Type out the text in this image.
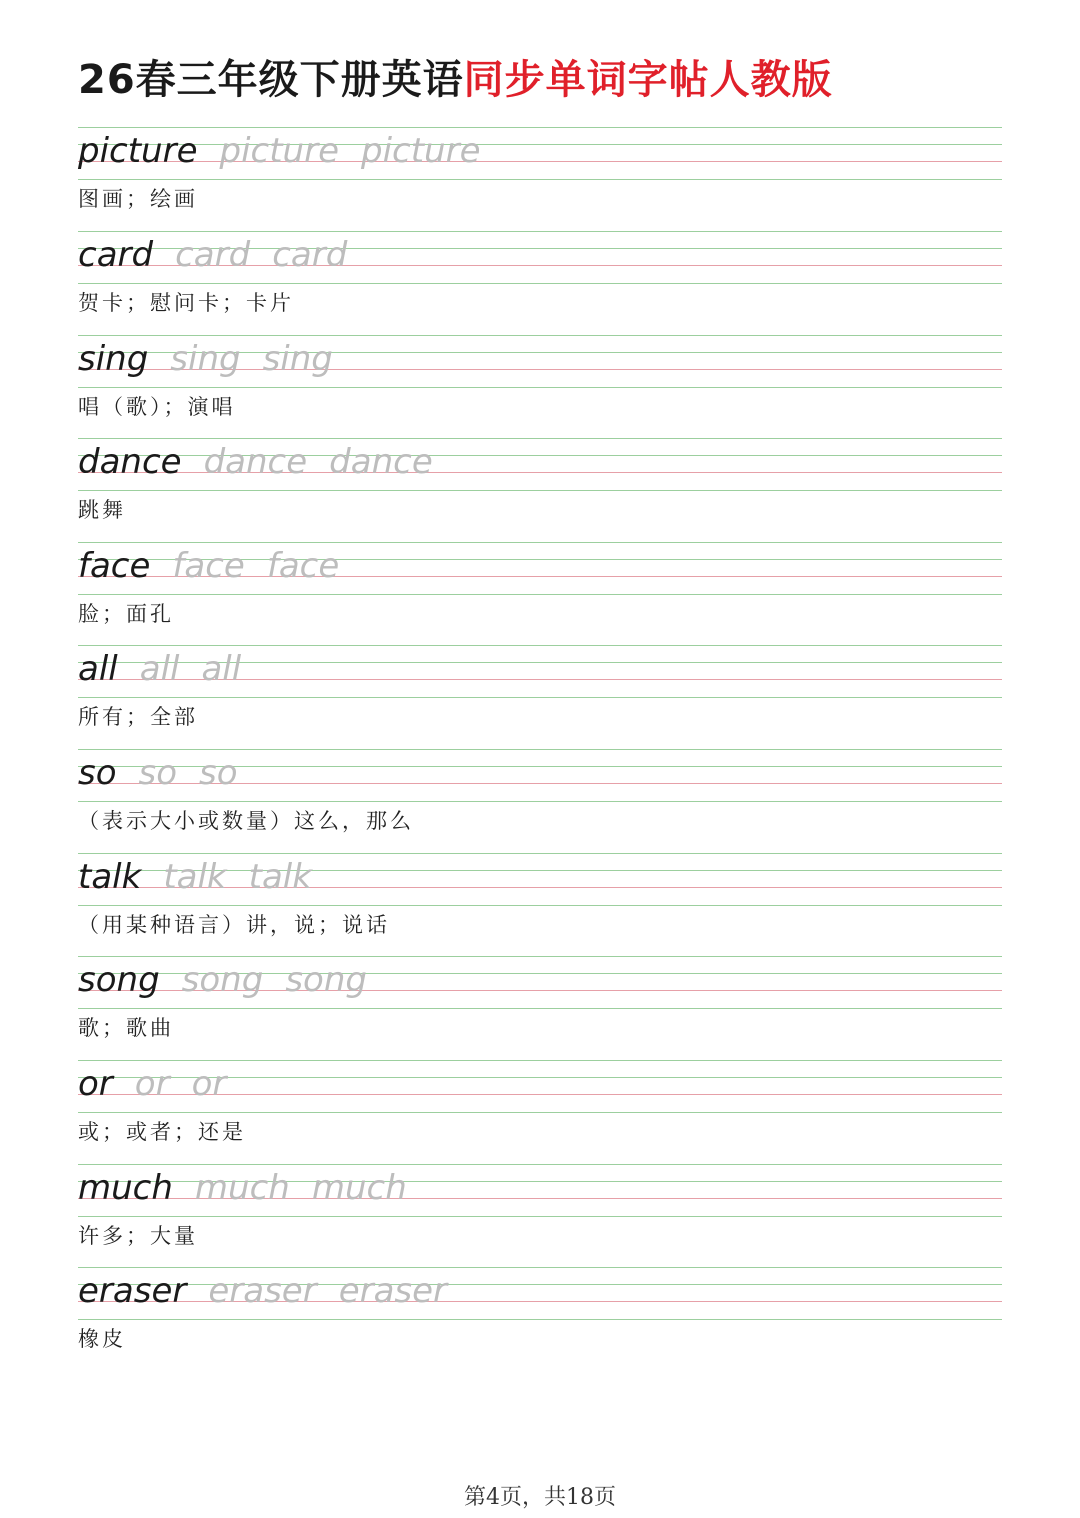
26春三年级下册英语同步单词字帖人教版
picture picture picture
图画；绘画
card card card
贺卡；慰问卡；卡片
sing sing sing
唱（歌）；演唱
dance dance dance
跳舞
face face face
脸；面孔
all all all
所有；全部
so so so
（表示大小或数量）这么，那么
talk talk talk
（用某种语言）讲，说；说话
song song song
歌；歌曲
or or or
或；或者；还是
much much much
许多；大量
eraser eraser eraser
橡皮
第4页，共18页
